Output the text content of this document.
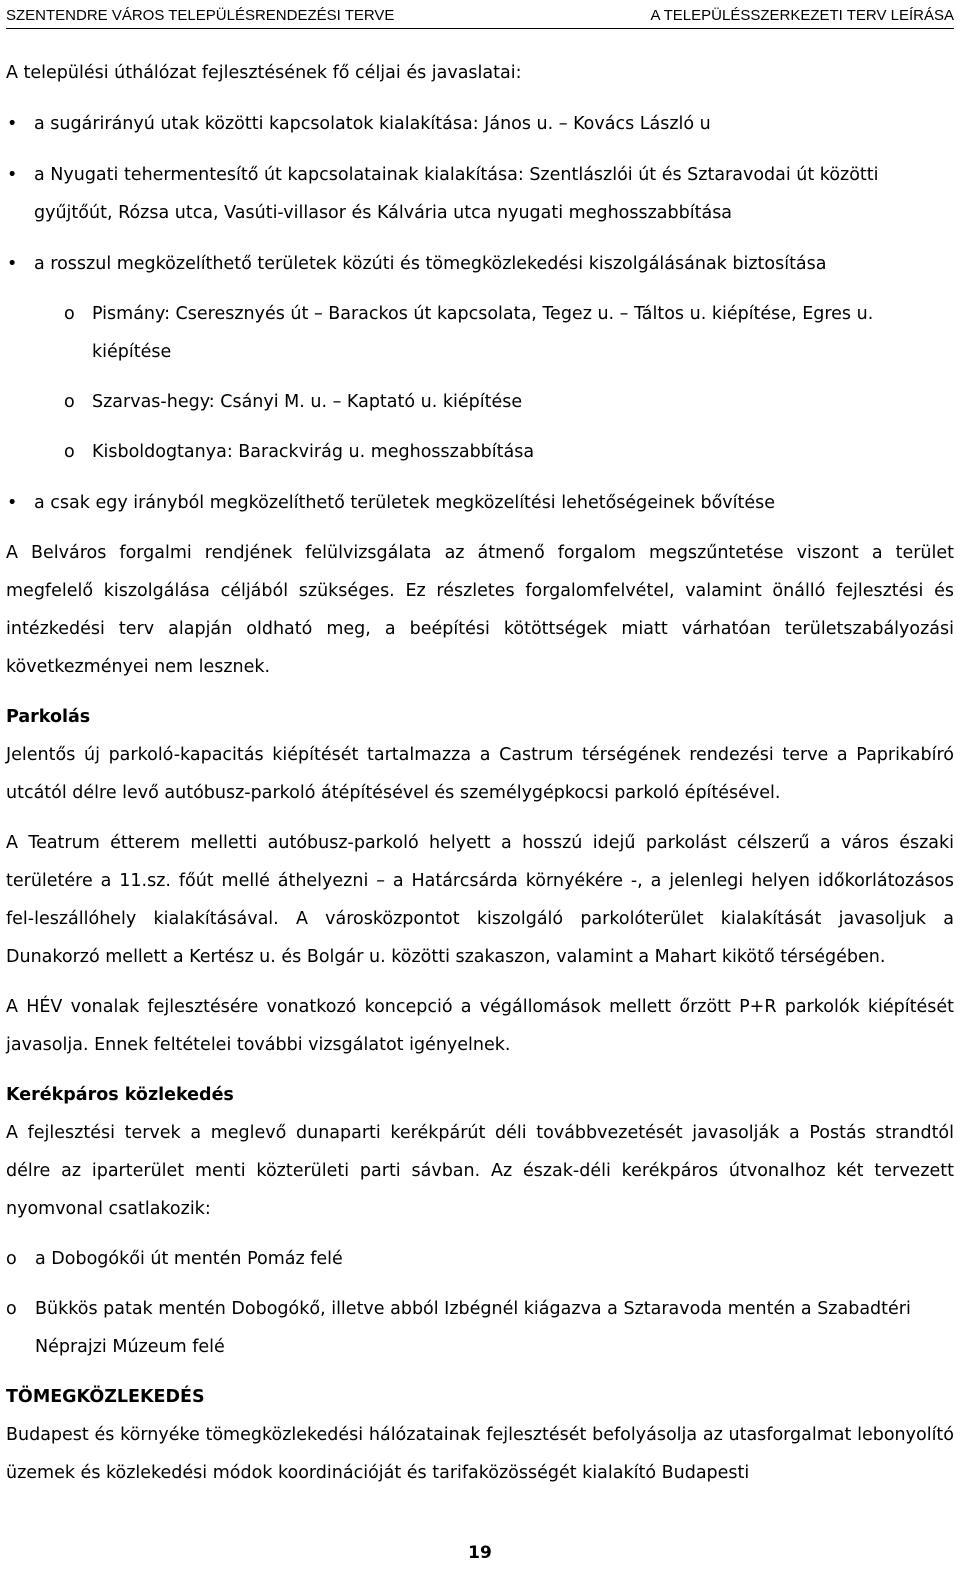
SZENTENDRE VÁROS TELEPÜLÉSRENDEZÉSI TERVE	A TELEPÜLÉSSZERKEZETI TERV LEÍRÁSA

A települési úthálózat fejlesztésének fő céljai és javaslatai:

• a sugárirányú utak közötti kapcsolatok kialakítása: János u. – Kovács László u
• a Nyugati tehermentesítő út kapcsolatainak kialakítása: Szentlászlói út és Sztaravodai út közötti gyűjtőút, Rózsa utca, Vasúti-villasor és Kálvária utca nyugati meghosszabbítása
• a rosszul megközelíthető területek közúti és tömegközlekedési kiszolgálásának biztosítása
o Pismány: Cseresznyés út – Barackos út kapcsolata, Tegez u. – Táltos u. kiépítése, Egres u. kiépítése
o Szarvas-hegy: Csányi M. u. – Kaptató u. kiépítése
o Kisboldogtanya: Barackvirág u. meghosszabbítása
• a csak egy irányból megközelíthető területek megközelítési lehetőségeinek bővítése

A Belváros forgalmi rendjének felülvizsgálata az átmenő forgalom megszűntetése viszont a terület megfelelő kiszolgálása céljából szükséges. Ez részletes forgalomfelvétel, valamint önálló fejlesztési és intézkedési terv alapján oldható meg, a beépítési kötöttségek miatt várhatóan területszabályozási következményei nem lesznek.

Parkolás

Jelentős új parkoló-kapacitás kiépítését tartalmazza a Castrum térségének rendezési terve a Paprikabíró utcától délre levő autóbusz-parkoló átépítésével és személygépkocsi parkoló építésével.

A Teatrum étterem melletti autóbusz-parkoló helyett a hosszú idejű parkolást célszerű a város északi területére a 11.sz. főút mellé áthelyezni – a Határcsárda környékére -, a jelenlegi helyen időkorlátozásos fel-leszállóhely kialakításával. A városközpontot kiszolgáló parkolóterület kialakítását javasoljuk a Dunakorzó mellett a Kertész u. és Bolgár u. közötti szakaszon, valamint a Mahart kikötő térségében.

A HÉV vonalak fejlesztésére vonatkozó koncepció a végállomások mellett őrzött P+R parkolók kiépítését javasolja. Ennek feltételei további vizsgálatot igényelnek.

Kerékpáros közlekedés

A fejlesztési tervek a meglevő dunaparti kerékpárút déli továbbvezetését javasolják a Postás strandtól délre az iparterület menti közterületi parti sávban. Az észak-déli kerékpáros útvonalhoz két tervezett nyomvonal csatlakozik:

o a Dobogókői út mentén Pomáz felé
o Bükkös patak mentén Dobogókő, illetve abból Izbégnél kiágazva a Sztaravoda mentén a Szabadtéri Néprajzi Múzeum felé

TÖMEGKÖZLEKEDÉS

Budapest és környéke tömegközlekedési hálózatainak fejlesztését befolyásolja az utasforgalmat lebonyolító üzemek és közlekedési módok koordinációját és tarifaközösségét kialakító Budapesti

19
